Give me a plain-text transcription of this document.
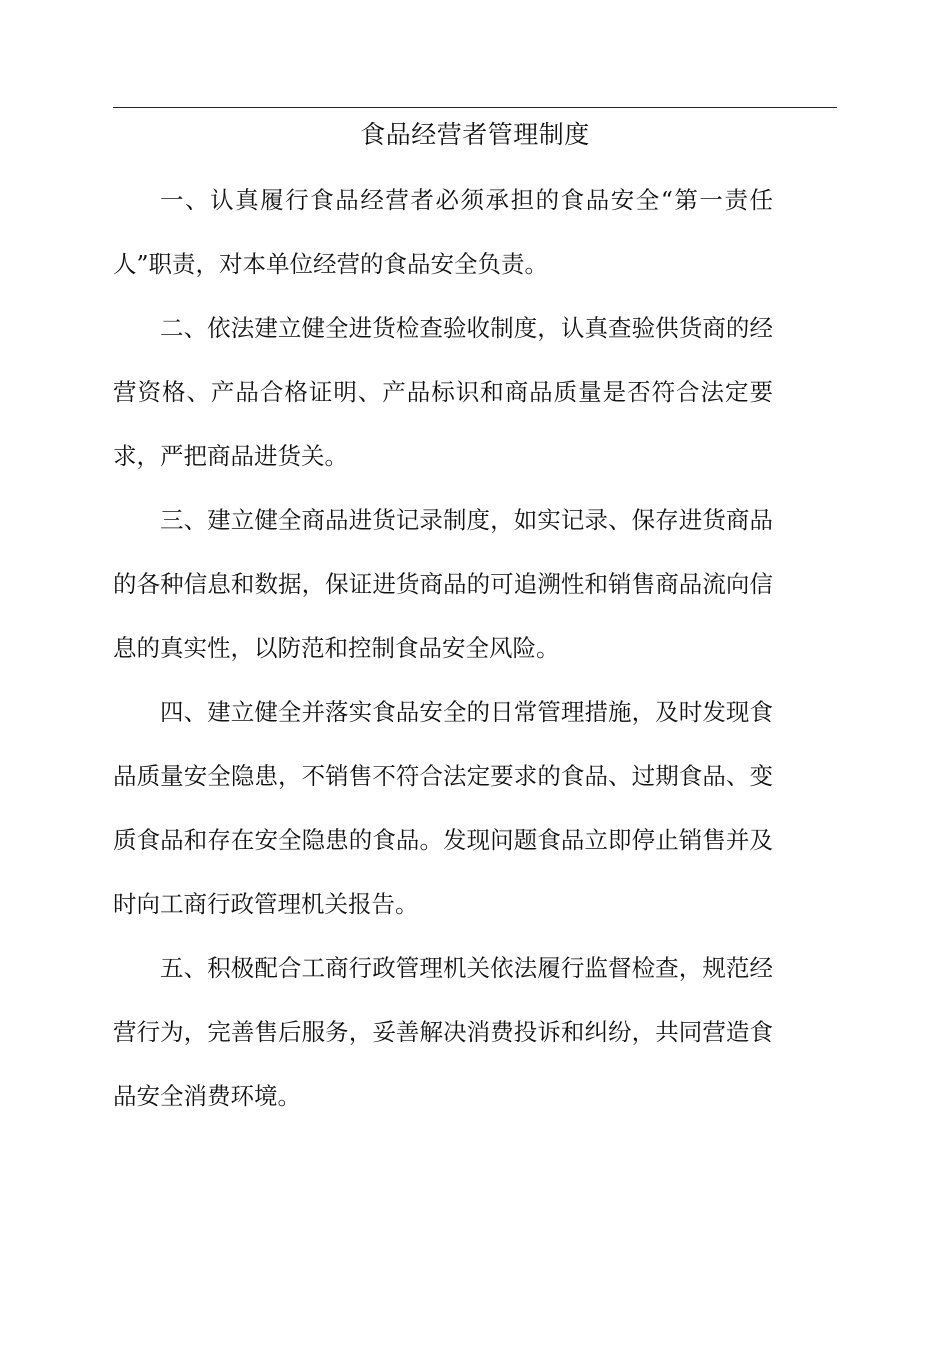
食品经营者管理制度

一、认真履行食品经营者必须承担的食品安全“第一责任人”职责，对本单位经营的食品安全负责。

二、依法建立健全进货检查验收制度，认真查验供货商的经营资格、产品合格证明、产品标识和商品质量是否符合法定要求，严把商品进货关。

三、建立健全商品进货记录制度，如实记录、保存进货商品的各种信息和数据，保证进货商品的可追溯性和销售商品流向信息的真实性，以防范和控制食品安全风险。

四、建立健全并落实食品安全的日常管理措施，及时发现食品质量安全隐患，不销售不符合法定要求的食品、过期食品、变质食品和存在安全隐患的食品。发现问题食品立即停止销售并及时向工商行政管理机关报告。

五、积极配合工商行政管理机关依法履行监督检查，规范经营行为，完善售后服务，妥善解决消费投诉和纠纷，共同营造食品安全消费环境。
